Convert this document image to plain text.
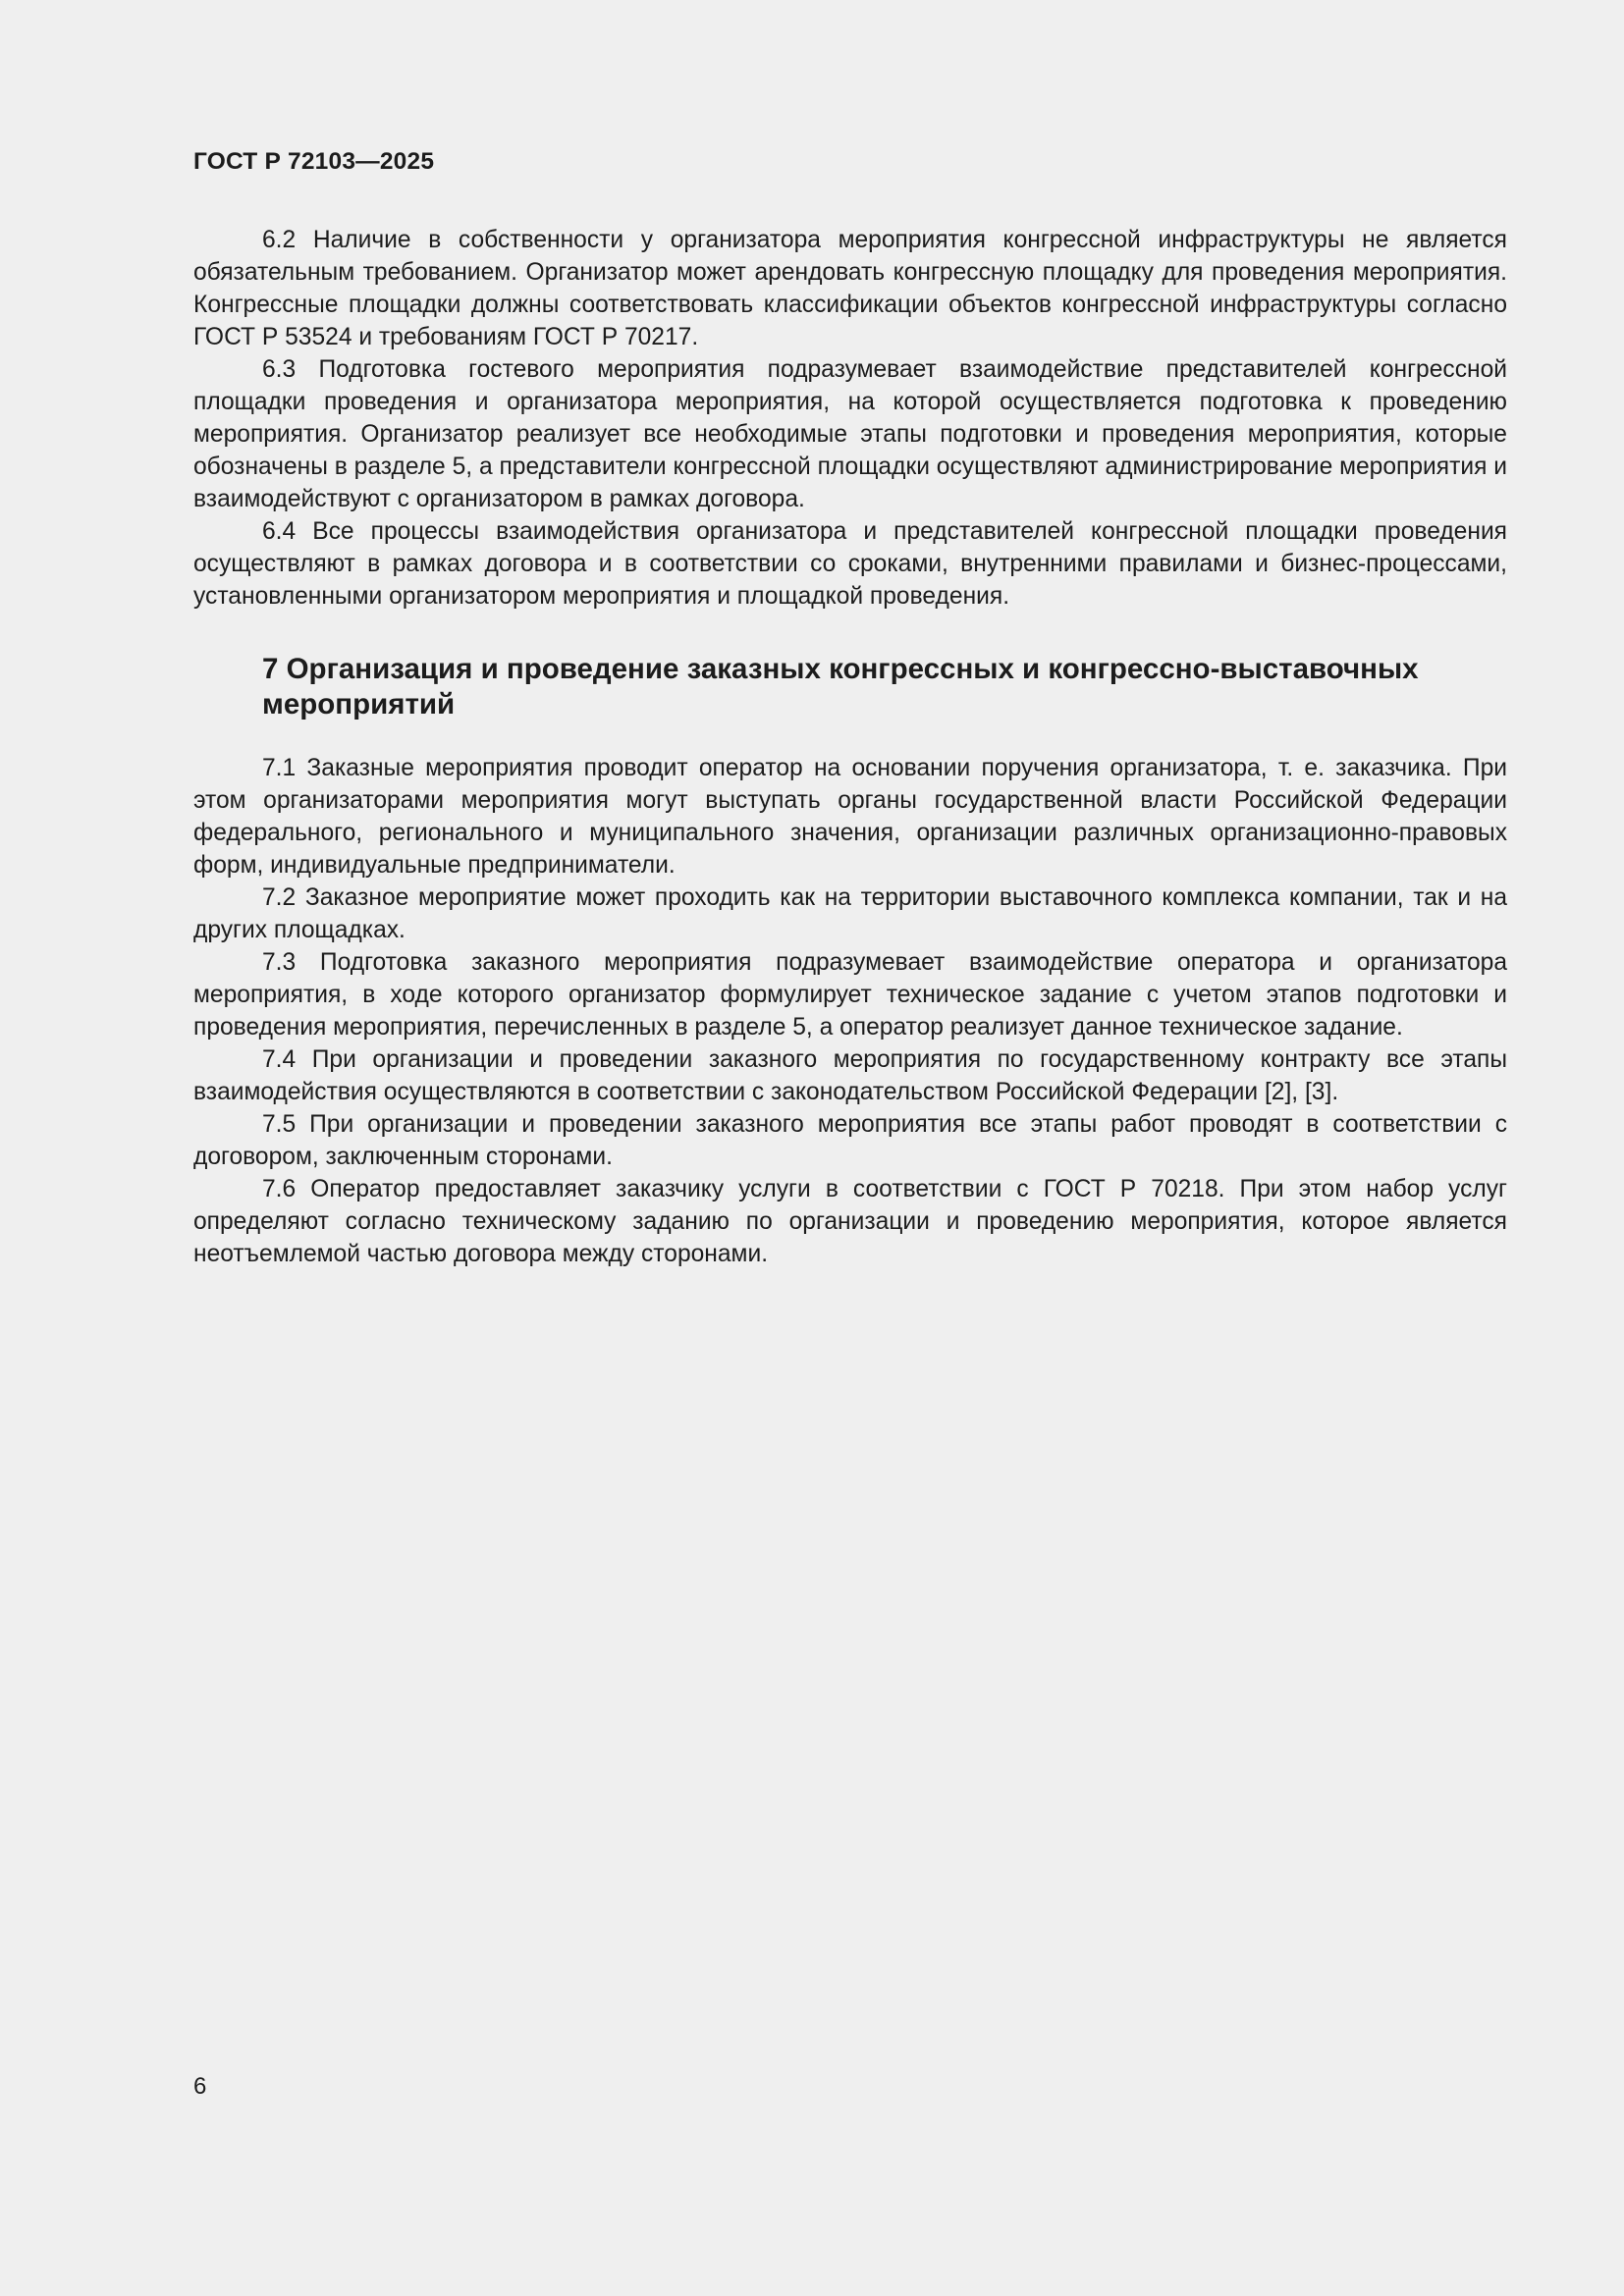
ГОСТ Р 72103—2025

6.2 Наличие в собственности у организатора мероприятия конгрессной инфраструктуры не является обязательным требованием. Организатор может арендовать конгрессную площадку для проведения мероприятия. Конгрессные площадки должны соответствовать классификации объектов конгрессной инфраструктуры согласно ГОСТ Р 53524 и требованиям ГОСТ Р 70217.

6.3 Подготовка гостевого мероприятия подразумевает взаимодействие представителей конгрессной площадки проведения и организатора мероприятия, на которой осуществляется подготовка к проведению мероприятия. Организатор реализует все необходимые этапы подготовки и проведения мероприятия, которые обозначены в разделе 5, а представители конгрессной площадки осуществляют администрирование мероприятия и взаимодействуют с организатором в рамках договора.

6.4 Все процессы взаимодействия организатора и представителей конгрессной площадки проведения осуществляют в рамках договора и в соответствии со сроками, внутренними правилами и бизнес-процессами, установленными организатором мероприятия и площадкой проведения.

7 Организация и проведение заказных конгрессных и конгрессно-выставочных мероприятий

7.1 Заказные мероприятия проводит оператор на основании поручения организатора, т. е. заказчика. При этом организаторами мероприятия могут выступать органы государственной власти Российской Федерации федерального, регионального и муниципального значения, организации различных организационно-правовых форм, индивидуальные предприниматели.

7.2 Заказное мероприятие может проходить как на территории выставочного комплекса компании, так и на других площадках.

7.3 Подготовка заказного мероприятия подразумевает взаимодействие оператора и организатора мероприятия, в ходе которого организатор формулирует техническое задание с учетом этапов подготовки и проведения мероприятия, перечисленных в разделе 5, а оператор реализует данное техническое задание.

7.4 При организации и проведении заказного мероприятия по государственному контракту все этапы взаимодействия осуществляются в соответствии с законодательством Российской Федерации [2], [3].

7.5 При организации и проведении заказного мероприятия все этапы работ проводят в соответствии с договором, заключенным сторонами.

7.6 Оператор предоставляет заказчику услуги в соответствии с ГОСТ Р 70218. При этом набор услуг определяют согласно техническому заданию по организации и проведению мероприятия, которое является неотъемлемой частью договора между сторонами.

6
